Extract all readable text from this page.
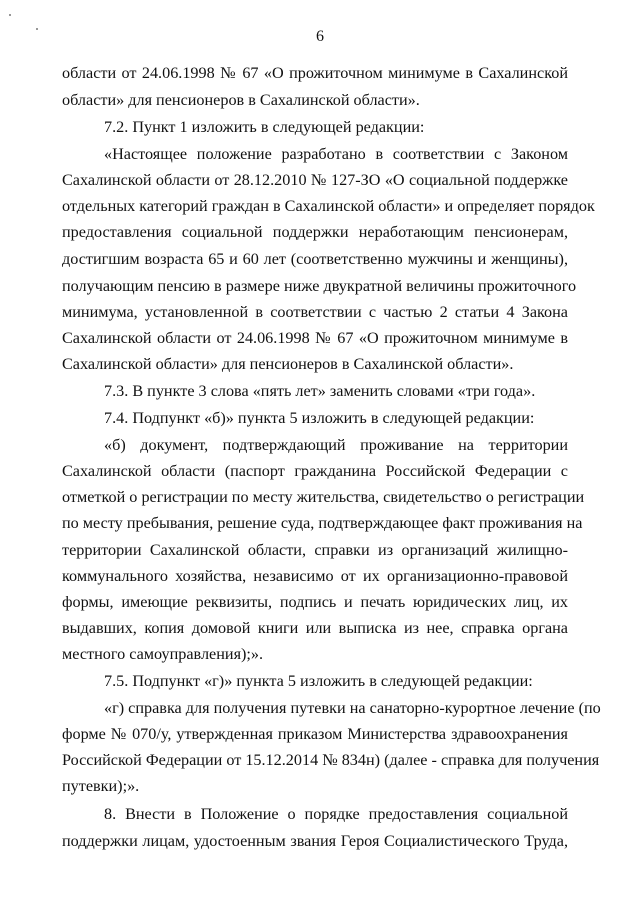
6
области от 24.06.1998 № 67 «О прожиточном минимуме в Сахалинской
области» для пенсионеров в Сахалинской области».
7.2. Пункт 1 изложить в следующей редакции:
«Настоящее положение разработано в соответствии с Законом
Сахалинской области от 28.12.2010 № 127-ЗО «О социальной поддержке
отдельных категорий граждан в Сахалинской области» и определяет порядок
предоставления социальной поддержки неработающим пенсионерам,
достигшим возраста 65 и 60 лет (соответственно мужчины и женщины),
получающим пенсию в размере ниже двукратной величины прожиточного
минимума, установленной в соответствии с частью 2 статьи 4 Закона
Сахалинской области от 24.06.1998 № 67 «О прожиточном минимуме в
Сахалинской области» для пенсионеров в Сахалинской области».
7.3. В пункте 3 слова «пять лет» заменить словами «три года».
7.4. Подпункт «б)» пункта 5 изложить в следующей редакции:
«б) документ, подтверждающий проживание на территории
Сахалинской области (паспорт гражданина Российской Федерации с
отметкой о регистрации по месту жительства, свидетельство о регистрации
по месту пребывания, решение суда, подтверждающее факт проживания на
территории Сахалинской области, справки из организаций жилищно-
коммунального хозяйства, независимо от их организационно-правовой
формы, имеющие реквизиты, подпись и печать юридических лиц, их
выдавших, копия домовой книги или выписка из нее, справка органа
местного самоуправления);».
7.5. Подпункт «г)» пункта 5 изложить в следующей редакции:
«г) справка для получения путевки на санаторно-курортное лечение (по
форме № 070/у, утвержденная приказом Министерства здравоохранения
Российской Федерации от 15.12.2014 № 834н) (далее - справка для получения
путевки);».
8. Внести в Положение о порядке предоставления социальной
поддержки лицам, удостоенным звания Героя Социалистического Труда,
